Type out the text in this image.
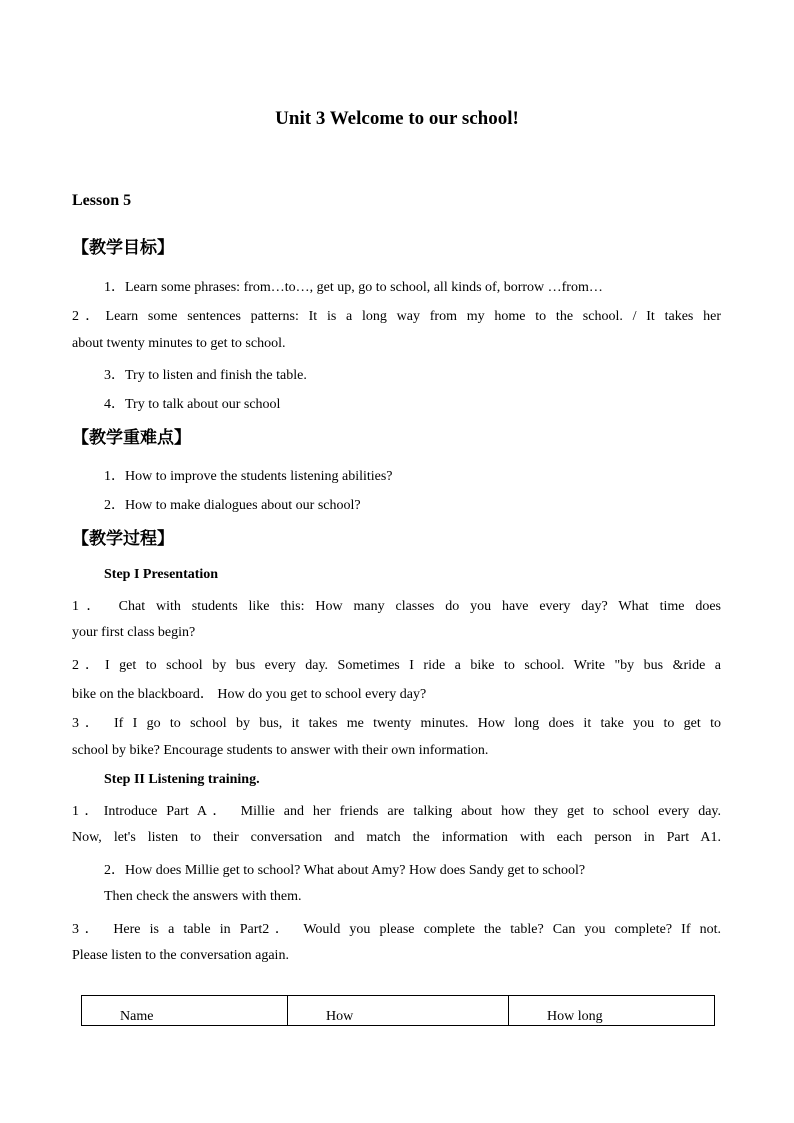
Unit 3 Welcome to our school!
Lesson 5
【教学目标】
1．Learn some phrases: from…to…, get up, go to school, all kinds of, borrow …from…
2．Learn some sentences patterns: It is a long way from my home to the school. / It takes her
about twenty minutes to get to school.
3．Try to listen and finish the table.
4．Try to talk about our school
【教学重难点】
1．How to improve the students listening abilities?
2．How to make dialogues about our school?
【教学过程】
Step I Presentation
1． Chat with students like this: How many classes do you have every day? What time does
your first class begin?
2．I get to school by bus every day. Sometimes I ride a bike to school. Write "by bus &ride a
bike on the blackboard． How do you get to school every day?
3． If I go to school by bus, it takes me twenty minutes. How long does it take you to get to
school by bike? Encourage students to answer with their own information.
Step II Listening training.
1．Introduce Part A． Millie and her friends are talking about how they get to school every day.
Now, let's listen to their conversation and match the information with each person in Part A1.
2．How does Millie get to school? What about Amy? How does Sandy get to school?
Then check the answers with them.
3． Here is a table in Part2． Would you please complete the table? Can you complete? If not.
Please listen to the conversation again.
Name	How	How long
